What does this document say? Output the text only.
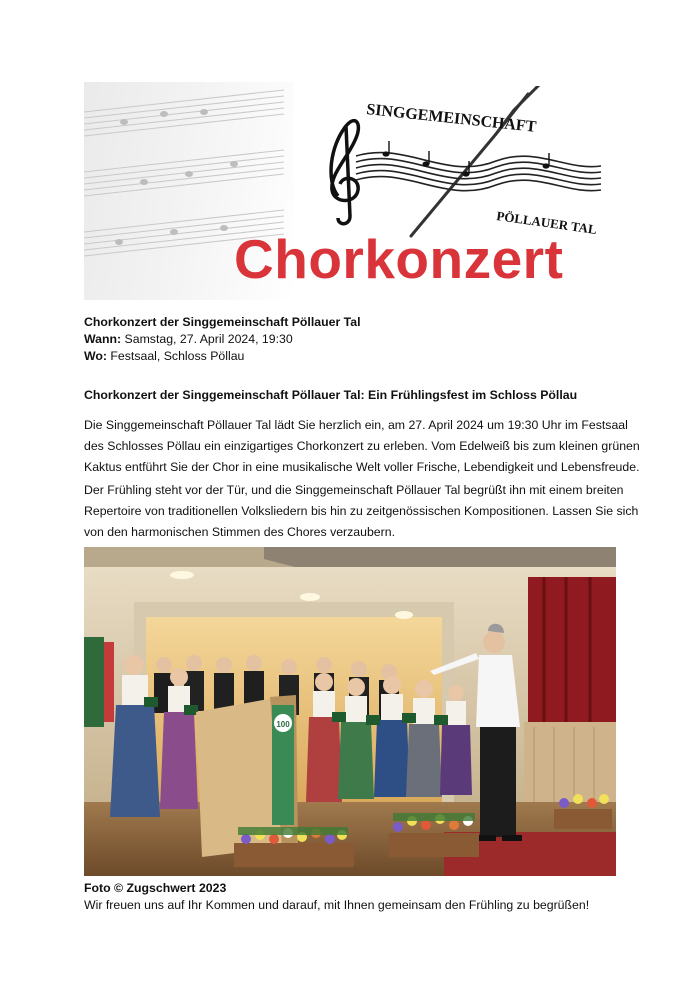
SINGGEMEINSCHAFT
PÖLLAUER TAL
Chorkonzert
Chorkonzert der Singgemeinschaft Pöllauer Tal
Wann: Samstag, 27. April 2024, 19:30
Wo: Festsaal, Schloss Pöllau
Chorkonzert der Singgemeinschaft Pöllauer Tal: Ein Frühlingsfest im Schloss Pöllau

Die Singgemeinschaft Pöllauer Tal lädt Sie herzlich ein, am 27. April 2024 um 19:30 Uhr im Festsaal

des Schlosses Pöllau ein einzigartiges Chorkonzert zu erleben. Vom Edelweiß bis zum kleinen grünen

Kaktus entführt Sie der Chor in eine musikalische Welt voller Frische, Lebendigkeit und Lebensfreude.

Der Frühling steht vor der Tür, und die Singgemeinschaft Pöllauer Tal begrüßt ihn mit einem breiten

Repertoire von traditionellen Volksliedern bis hin zu zeitgenössischen Kompositionen. Lassen Sie sich

von den harmonischen Stimmen des Chores verzaubern.

100
Foto © Zugschwert 2023
Wir freuen uns auf Ihr Kommen und darauf, mit Ihnen gemeinsam den Frühling zu begrüßen!
